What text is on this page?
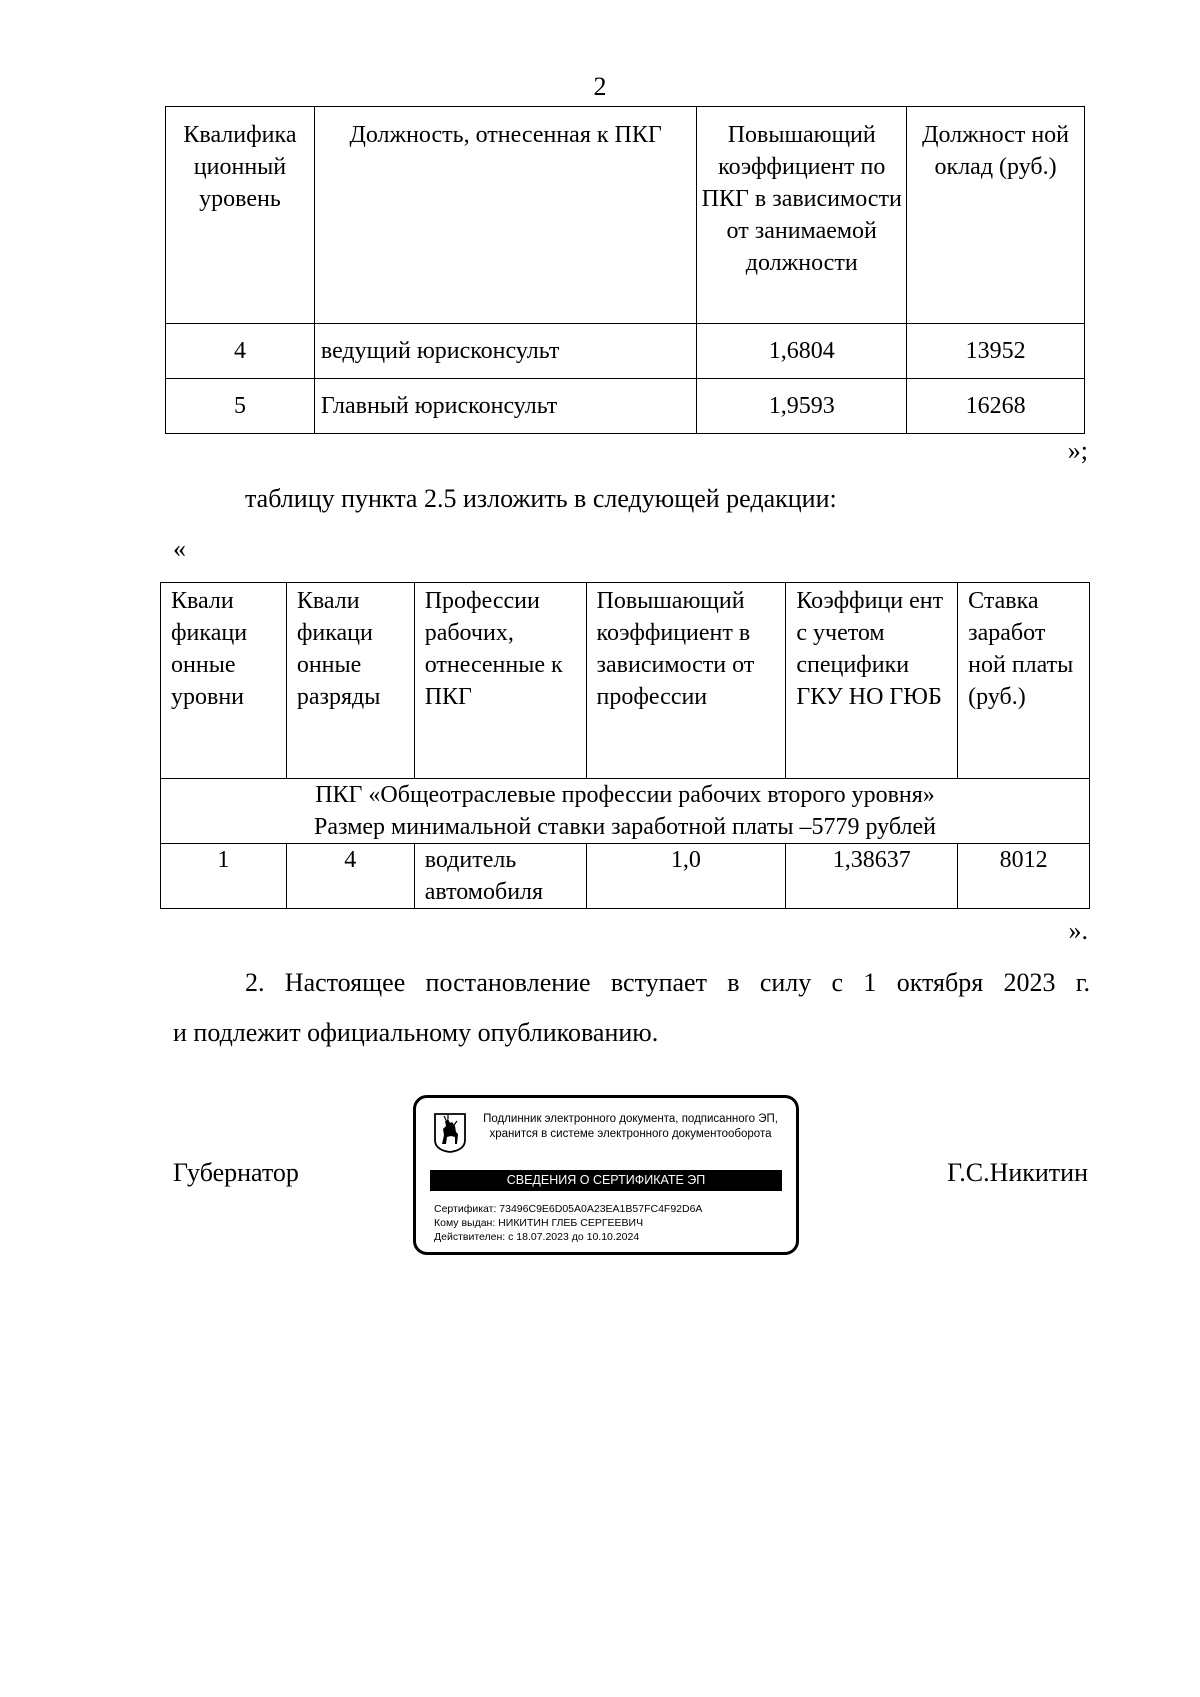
2
Квалифика ционный уровень	Должность, отнесенная к ПКГ	Повышающий коэффициент по ПКГ в зависимости от занимаемой должности	Должност ной оклад (руб.)
4	ведущий юрисконсульт	1,6804	13952
5	Главный юрисконсульт	1,9593	16268
»;
таблицу пункта 2.5 изложить в следующей редакции:
«
Квали фикаци онные уровни	Квали фикаци онные разряды	Профессии рабочих, отнесенные к ПКГ	Повышающий коэффициент в зависимости от профессии	Коэффици ент с учетом специфики ГКУ НО ГЮБ	Ставка заработ ной платы (руб.)

ПКГ «Общеотраслевые профессии рабочих второго уровня»
Размер минимальной ставки заработной платы –5779 рублей					

1	4	водитель автомобиля	1,0	1,38637	8012
».
2. Настоящее постановление вступает в силу с 1 октября 2023 г.
и подлежит официальному опубликованию.
Губернатор	Г.С.Никитин
Подлинник электронного документа, подписанного ЭП,
хранится в системе электронного документооборота
СВЕДЕНИЯ О СЕРТИФИКАТЕ ЭП
Сертификат: 73496C9E6D05A0A23EA1B57FC4F92D6A
Кому выдан: НИКИТИН ГЛЕБ СЕРГЕЕВИЧ
Действителен: с 18.07.2023 до 10.10.2024
